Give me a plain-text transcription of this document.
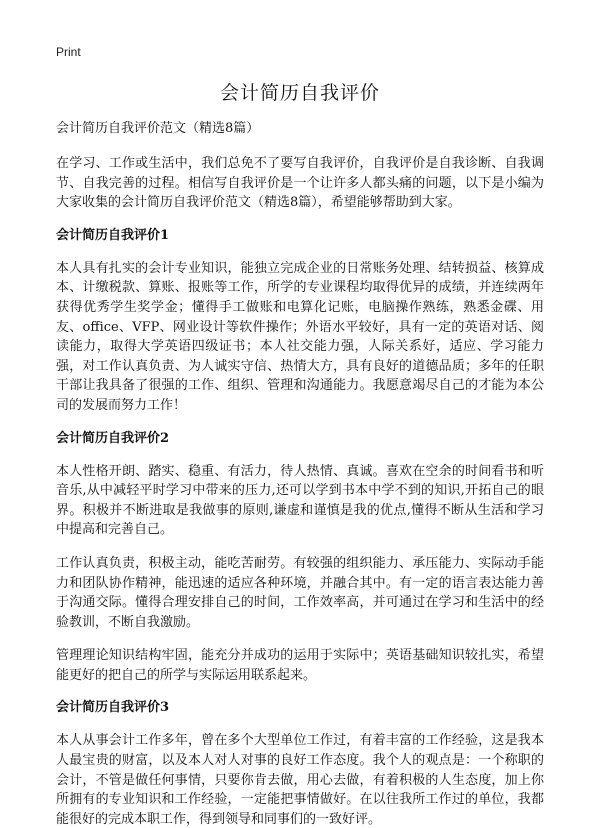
Print
会计简历自我评价

会计简历自我评价范文（精选8篇）

在学习、工作或生活中，我们总免不了要写自我评价，自我评价是自我诊断、自我调节、自我完善的过程。相信写自我评价是一个让许多人都头痛的问题，以下是小编为大家收集的会计简历自我评价范文（精选8篇），希望能够帮助到大家。

会计简历自我评价1

本人具有扎实的会计专业知识，能独立完成企业的日常账务处理、结转损益、核算成本、计缴税款、算账、报账等工作，所学的专业课程均取得优异的成绩，并连续两年获得优秀学生奖学金；懂得手工做账和电算化记账，电脑操作熟练，熟悉金碟、用友、office、VFP、网业设计等软件操作；外语水平较好，具有一定的英语对话、阅读能力，取得大学英语四级证书；本人社交能力强，人际关系好，适应、学习能力强，对工作认真负责、为人诚实守信、热情大方，具有良好的道德品质；多年的任职干部让我具备了很强的工作、组织、管理和沟通能力。我愿意竭尽自己的才能为本公司的发展而努力工作！

会计简历自我评价2

本人性格开朗、踏实、稳重、有活力，待人热情、真诚。喜欢在空余的时间看书和听音乐,从中减轻平时学习中带来的压力,还可以学到书本中学不到的知识,开拓自己的眼界。积极并不断进取是我做事的原则,谦虚和谨慎是我的优点,懂得不断从生活和学习中提高和完善自己。

工作认真负责，积极主动，能吃苦耐劳。有较强的组织能力、承压能力、实际动手能力和团队协作精神，能迅速的适应各种环境，并融合其中。有一定的语言表达能力善于沟通交际。懂得合理安排自己的时间，工作效率高，并可通过在学习和生活中的经验教训，不断自我激励。

管理理论知识结构牢固，能充分并成功的运用于实际中；英语基础知识较扎实，希望能更好的把自己的所学与实际运用联系起来。

会计简历自我评价3

本人从事会计工作多年，曾在多个大型单位工作过，有着丰富的工作经验，这是我本人最宝贵的财富，以及本人对人对事的良好工作态度。我个人的观点是：一个称职的会计，不管是做任何事情，只要你肯去做，用心去做，有着积极的人生态度，加上你所拥有的专业知识和工作经验，一定能把事情做好。在以往我所工作过的单位，我都能很好的完成本职工作，得到领导和同事们的一致好评。
